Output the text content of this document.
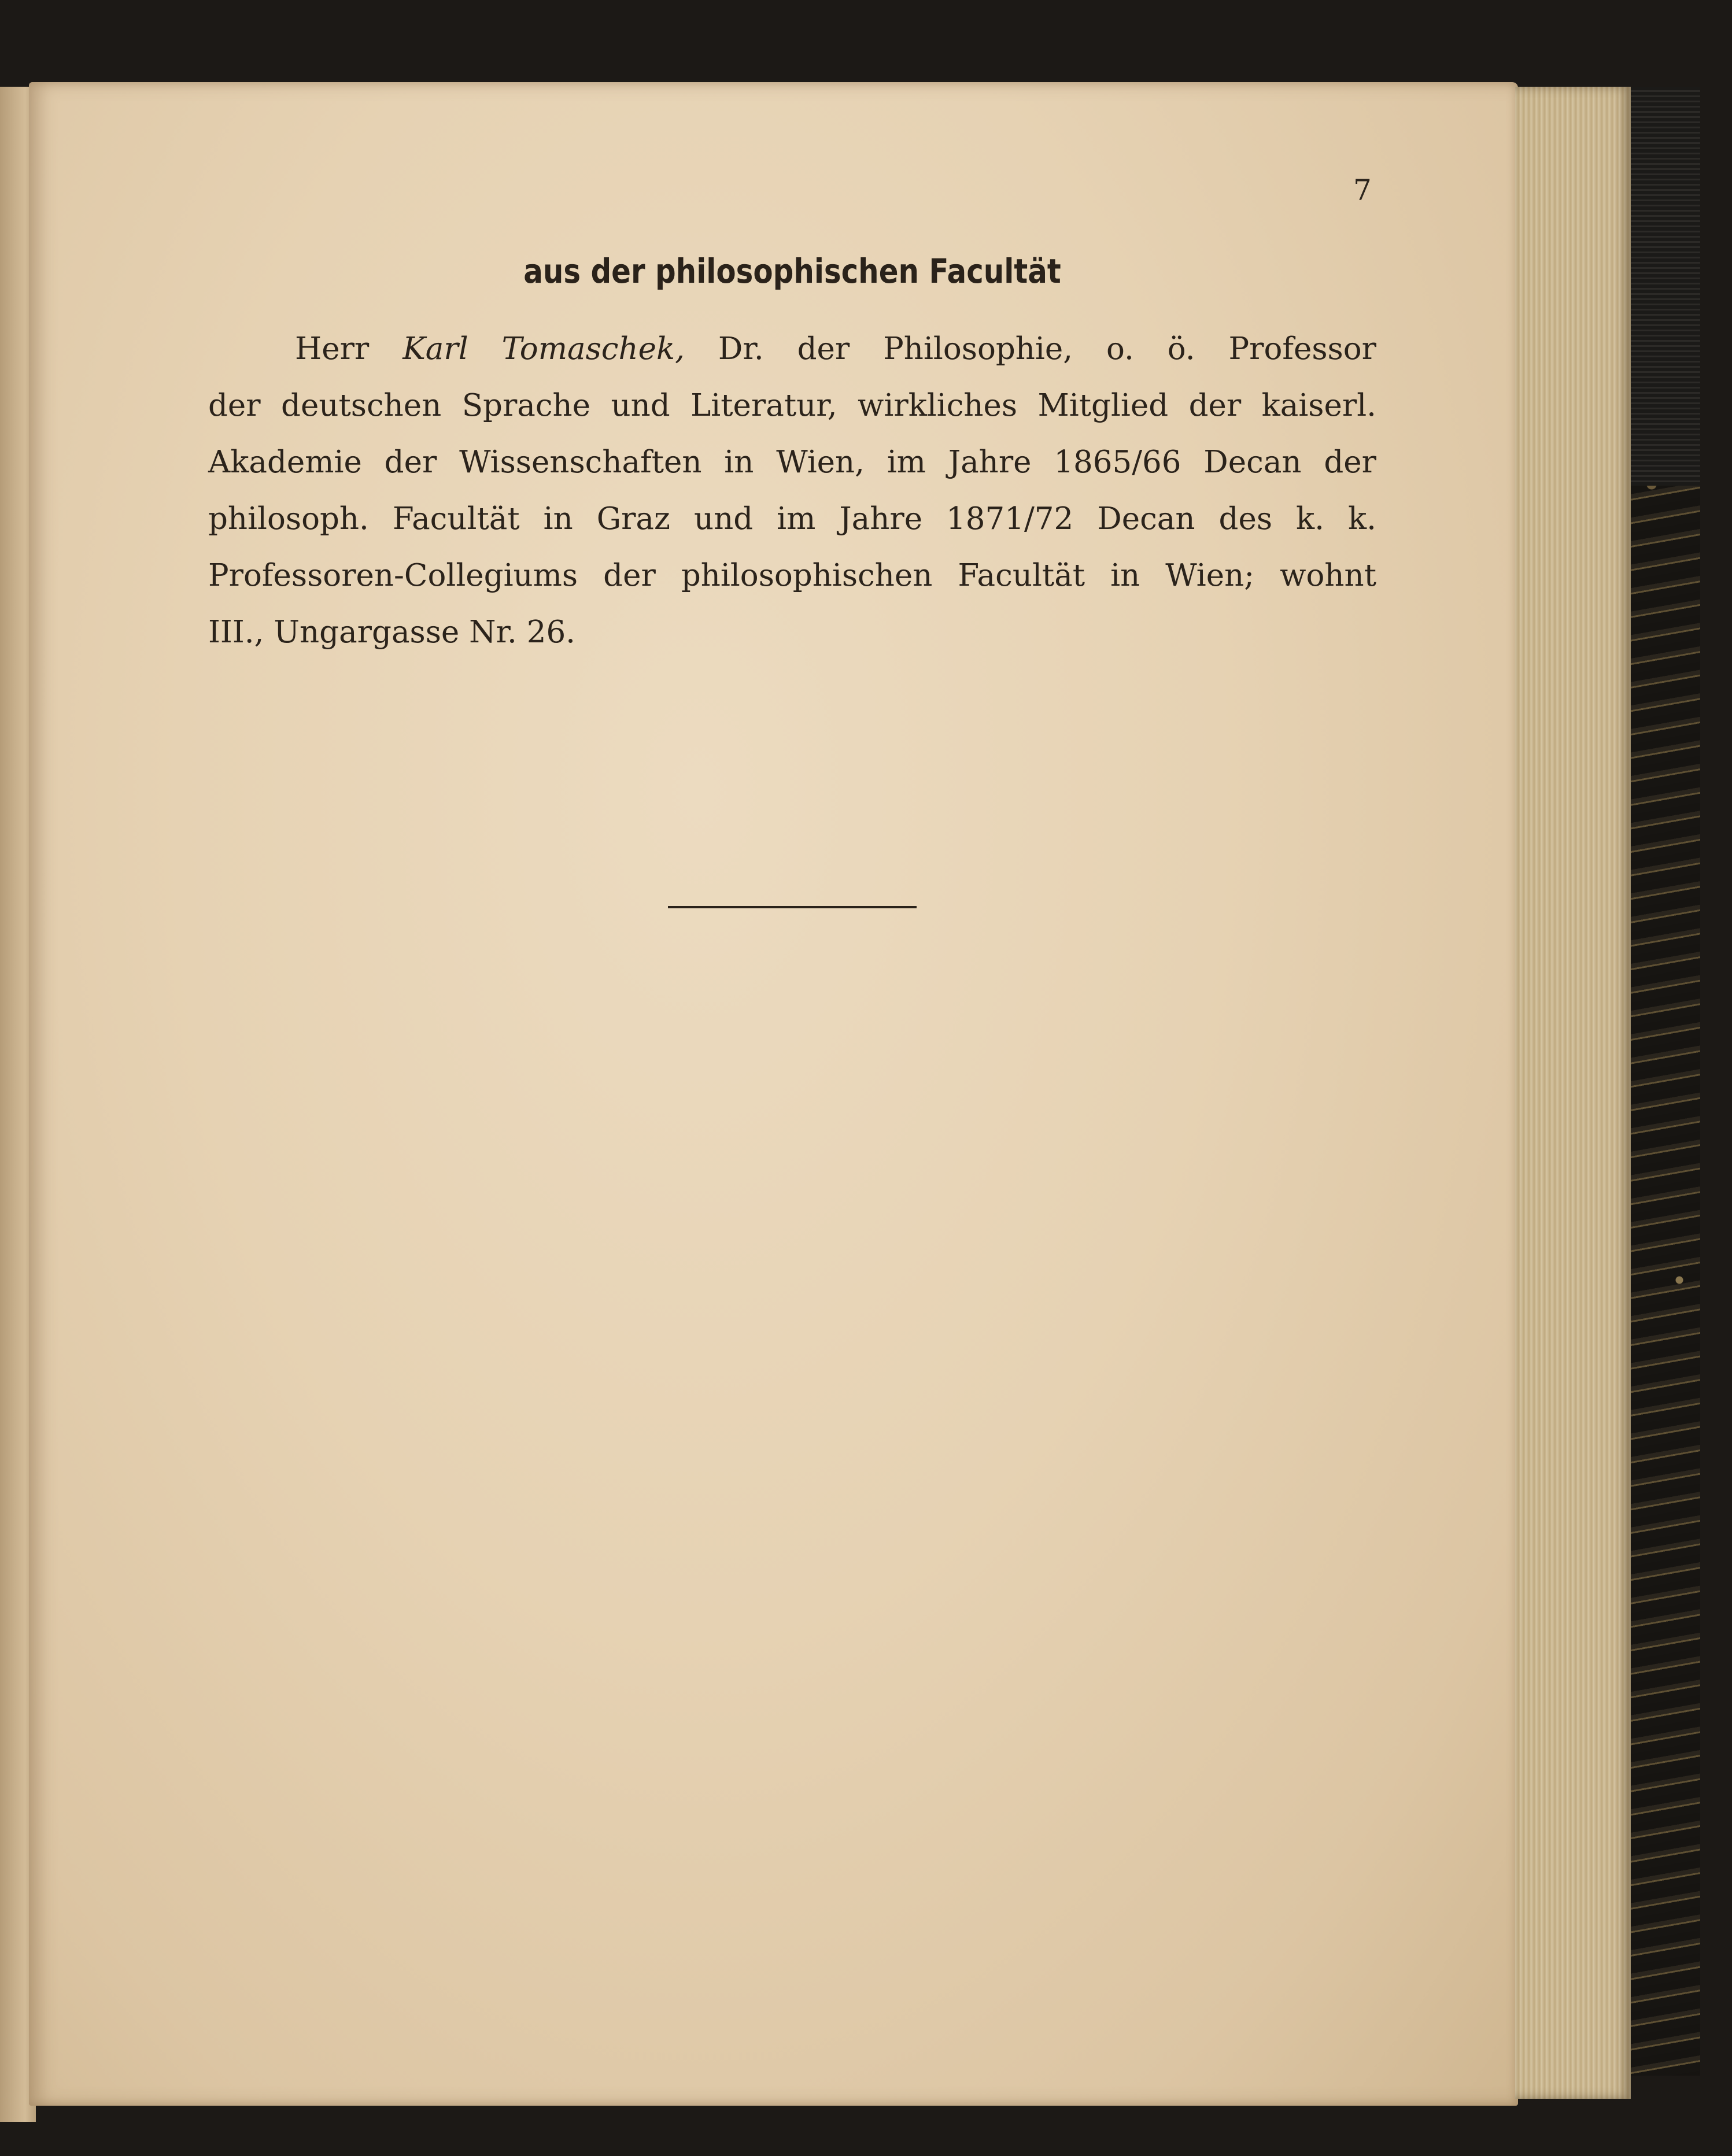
7
aus der philosophischen Facultät
Herr Karl Tomaschek, Dr. der Philosophie, o. ö. Professor
der deutschen Sprache und Literatur, wirkliches Mitglied der kaiserl.
Akademie der Wissenschaften in Wien, im Jahre 1865/66 Decan der
philosoph. Facultät in Graz und im Jahre 1871/72 Decan des k. k.
Professoren-Collegiums der philosophischen Facultät in Wien; wohnt
III., Ungargasse Nr. 26.
